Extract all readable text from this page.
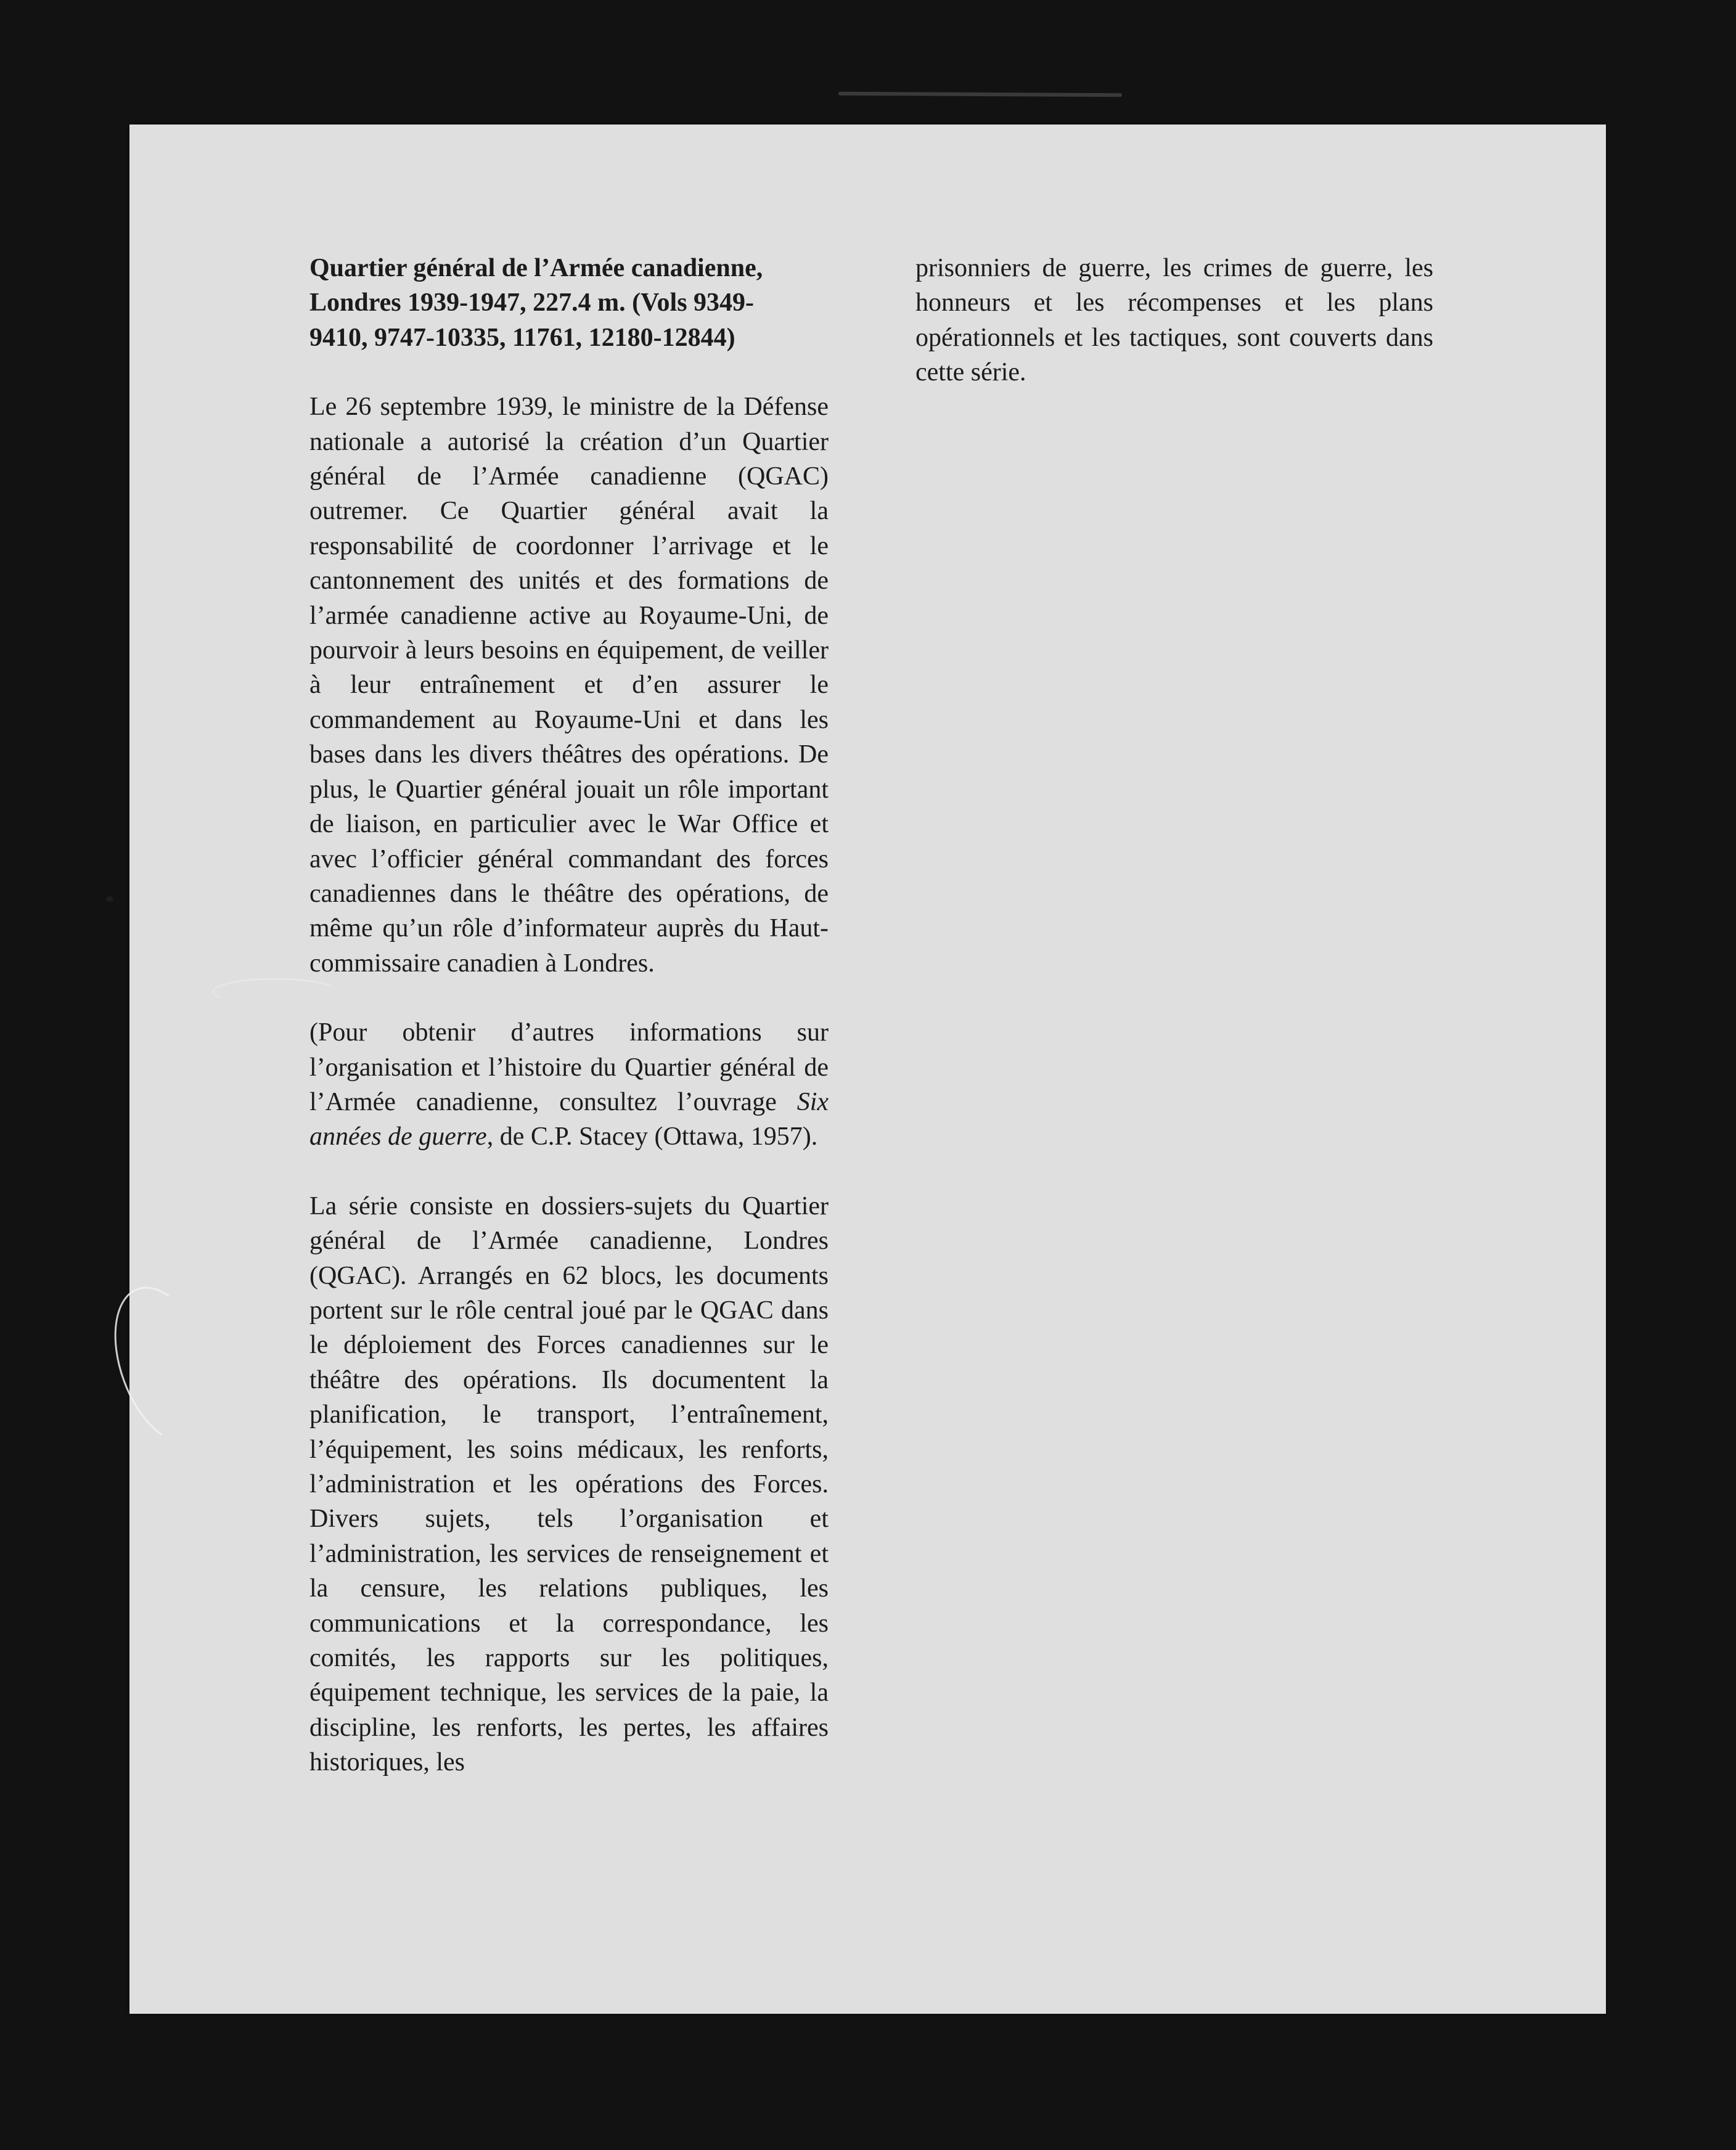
Quartier général de l’Armée canadienne,
Londres 1939-1947, 227.4 m. (Vols 9349-
9410, 9747-10335, 11761, 12180-12844)

Le 26 septembre 1939, le ministre de la Défense nationale a autorisé la création d’un Quartier général de l’Armée canadienne (QGAC) outremer. Ce Quartier général avait la responsabilité de coordonner l’arrivage et le cantonnement des unités et des formations de l’armée canadienne active au Royaume-Uni, de pourvoir à leurs besoins en équipement, de veiller à leur entraînement et d’en assurer le commandement au Royaume-Uni et dans les bases dans les divers théâtres des opérations. De plus, le Quartier général jouait un rôle important de liaison, en particulier avec le War Office et avec l’officier général commandant des forces canadiennes dans le théâtre des opérations, de même qu’un rôle d’informateur auprès du Haut-commissaire canadien à Londres.

(Pour obtenir d’autres informations sur l’organisation et l’histoire du Quartier général de l’Armée canadienne, consultez l’ouvrage Six années de guerre, de C.P. Stacey (Ottawa, 1957).

La série consiste en dossiers-sujets du Quartier général de l’Armée canadienne, Londres (QGAC). Arrangés en 62 blocs, les documents portent sur le rôle central joué par le QGAC dans le déploiement des Forces canadiennes sur le théâtre des opérations. Ils documentent la planification, le transport, l’entraînement, l’équipement, les soins médicaux, les renforts, l’administration et les opérations des Forces. Divers sujets, tels l’organisation et l’administration, les services de renseignement et la censure, les relations publiques, les communications et la correspondance, les comités, les rapports sur les politiques, équipement technique, les services de la paie, la discipline, les renforts, les pertes, les affaires historiques, les

prisonniers de guerre, les crimes de guerre, les honneurs et les récompenses et les plans opérationnels et les tactiques, sont couverts dans cette série.
